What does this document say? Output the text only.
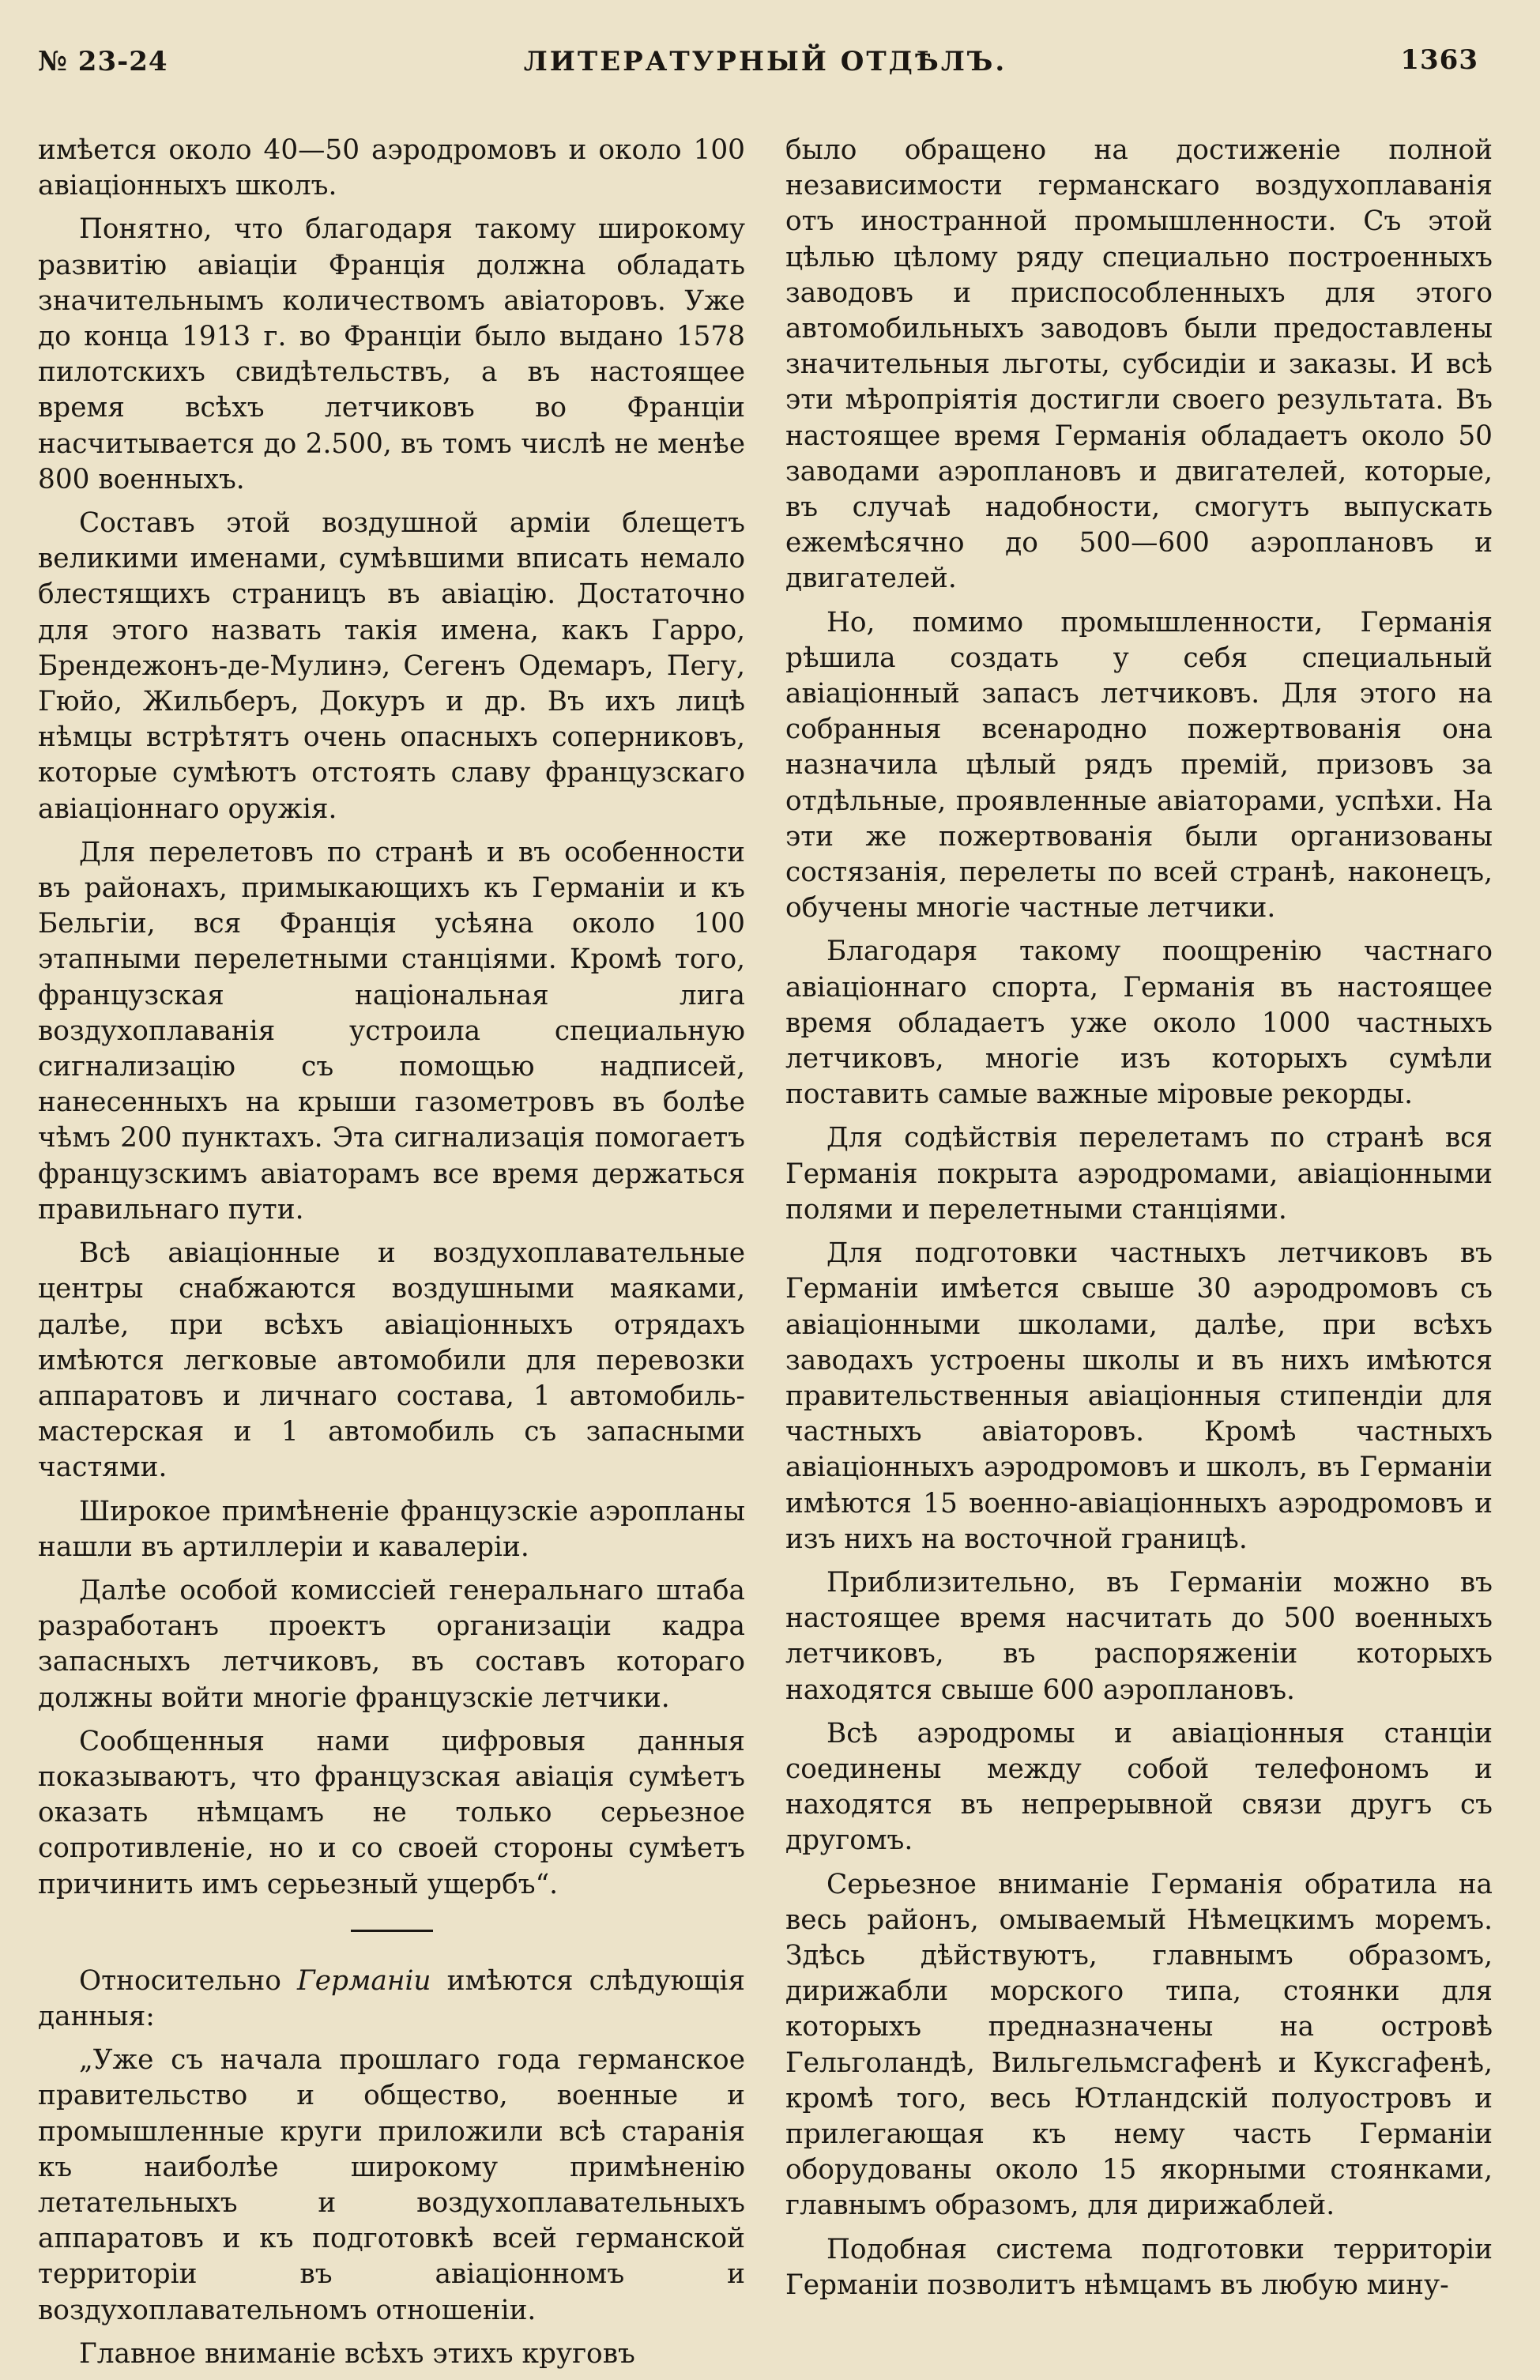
№ 23-24	ЛИТЕРАТУРНЫЙ ОТДѢЛЪ.	1363

имѣется около 40—50 аэродромовъ и около 100 авіаціонныхъ школъ.

Понятно, что благодаря такому широкому развитію авіаціи Франція должна обладать значительнымъ количествомъ авіаторовъ. Уже до конца 1913 г. во Франціи было выдано 1578 пилотскихъ свидѣтельствъ, а въ настоящее время всѣхъ летчиковъ во Франціи насчитывается до 2.500, въ томъ числѣ не менѣе 800 военныхъ.

Составъ этой воздушной арміи блещетъ великими именами, сумѣвшими вписать немало блестящихъ страницъ въ авіацію. Достаточно для этого назвать такія имена, какъ Гарро, Брендежонъ-де-Мулинэ, Сегенъ Одемаръ, Пегу, Гюйо, Жильберъ, Докуръ и др. Въ ихъ лицѣ нѣмцы встрѣтятъ очень опасныхъ соперниковъ, которые сумѣютъ отстоять славу французскаго авіаціоннаго оружія.

Для перелетовъ по странѣ и въ особенности въ районахъ, примыкающихъ къ Германіи и къ Бельгіи, вся Франція усѣяна около 100 этапными перелетными станціями. Кромѣ того, французская національная лига воздухоплаванія устроила специальную сигнализацію съ помощью надписей, нанесенныхъ на крыши газометровъ въ болѣе чѣмъ 200 пунктахъ. Эта сигнализація помогаетъ французскимъ авіаторамъ все время держаться правильнаго пути.

Всѣ авіаціонные и воздухоплавательные центры снабжаются воздушными маяками, далѣе, при всѣхъ авіаціонныхъ отрядахъ имѣются легковые автомобили для перевозки аппаратовъ и личнаго состава, 1 автомобиль-мастерская и 1 автомобиль съ запасными частями.

Широкое примѣненіе французскіе аэропланы нашли въ артиллеріи и кавалеріи.

Далѣе особой комиссіей генеральнаго штаба разработанъ проектъ организаціи кадра запасныхъ летчиковъ, въ составъ котораго должны войти многіе французскіе летчики.

Сообщенныя нами цифровыя данныя показываютъ, что французская авіація сумѣетъ оказать нѣмцамъ не только серьезное сопротивленіе, но и со своей стороны сумѣетъ причинить имъ серьезный ущербъ“.

Относительно Германіи имѣются слѣдующія данныя:

„Уже съ начала прошлаго года германское правительство и общество, военные и промышленные круги приложили всѣ старанія къ наиболѣе широкому примѣненію летательныхъ и воздухоплавательныхъ аппаратовъ и къ подготовкѣ всей германской территоріи въ авіаціонномъ и воздухоплавательномъ отношеніи.

Главное вниманіе всѣхъ этихъ круговъ

было обращено на достиженіе полной независимости германскаго воздухоплаванія отъ иностранной промышленности. Съ этой цѣлью цѣлому ряду специально построенныхъ заводовъ и приспособленныхъ для этого автомобильныхъ заводовъ были предоставлены значительныя льготы, субсидіи и заказы. И всѣ эти мѣропріятія достигли своего результата. Въ настоящее время Германія обладаетъ около 50 заводами аэроплановъ и двигателей, которые, въ случаѣ надобности, смогутъ выпускать ежемѣсячно до 500—600 аэроплановъ и двигателей.

Но, помимо промышленности, Германія рѣшила создать у себя специальный авіаціонный запасъ летчиковъ. Для этого на собранныя всенародно пожертвованія она назначила цѣлый рядъ премій, призовъ за отдѣльные, проявленные авіаторами, успѣхи. На эти же пожертвованія были организованы состязанія, перелеты по всей странѣ, наконецъ, обучены многіе частные летчики.

Благодаря такому поощренію частнаго авіаціоннаго спорта, Германія въ настоящее время обладаетъ уже около 1000 частныхъ летчиковъ, многіе изъ которыхъ сумѣли поставить самые важные міровые рекорды.

Для содѣйствія перелетамъ по странѣ вся Германія покрыта аэродромами, авіаціонными полями и перелетными станціями.

Для подготовки частныхъ летчиковъ въ Германіи имѣется свыше 30 аэродромовъ съ авіаціонными школами, далѣе, при всѣхъ заводахъ устроены школы и въ нихъ имѣются правительственныя авіаціонныя стипендіи для частныхъ авіаторовъ. Кромѣ частныхъ авіаціонныхъ аэродромовъ и школъ, въ Германіи имѣются 15 военно-авіаціонныхъ аэродромовъ и изъ нихъ на восточной границѣ.

Приблизительно, въ Германіи можно въ настоящее время насчитать до 500 военныхъ летчиковъ, въ распоряженіи которыхъ находятся свыше 600 аэроплановъ.

Всѣ аэродромы и авіаціонныя станціи соединены между собой телефономъ и находятся въ непрерывной связи другъ съ другомъ.

Серьезное вниманіе Германія обратила на весь районъ, омываемый Нѣмецкимъ моремъ. Здѣсь дѣйствуютъ, главнымъ образомъ, дирижабли морского типа, стоянки для которыхъ предназначены на островѣ Гельголандѣ, Вильгельмсгафенѣ и Куксгафенѣ, кромѣ того, весь Ютландскій полуостровъ и прилегающая къ нему часть Германіи оборудованы около 15 якорными стоянками, главнымъ образомъ, для дирижаблей.

Подобная система подготовки территоріи Германіи позволитъ нѣмцамъ въ любую мину-
